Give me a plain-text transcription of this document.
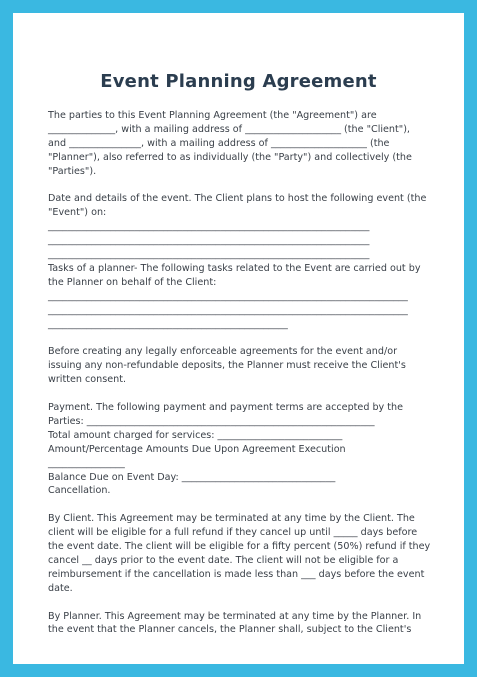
Event Planning Agreement

The parties to this Event Planning Agreement (the "Agreement") are

______________, with a mailing address of ____________________ (the "Client"),

and _______________, with a mailing address of ____________________ (the

"Planner"), also referred to as individually (the "Party") and collectively (the

"Parties").

Date and details of the event. The Client plans to host the following event (the

"Event") on:

___________________________________________________________________

___________________________________________________________________

___________________________________________________________________

Tasks of a planner- The following tasks related to the Event are carried out by

the Planner on behalf of the Client:

___________________________________________________________________________

___________________________________________________________________________

__________________________________________________

Before creating any legally enforceable agreements for the event and/or

issuing any non-refundable deposits, the Planner must receive the Client's

written consent.

Payment. The following payment and payment terms are accepted by the

Parties: ____________________________________________________________

Total amount charged for services: __________________________

Amount/Percentage Amounts Due Upon Agreement Execution

________________

Balance Due on Event Day: ________________________________

Cancellation.

By Client. This Agreement may be terminated at any time by the Client. The

client will be eligible for a full refund if they cancel up until _____ days before

the event date. The client will be eligible for a fifty percent (50%) refund if they

cancel __ days prior to the event date. The client will not be eligible for a

reimbursement if the cancellation is made less than ___ days before the event

date.

By Planner. This Agreement may be terminated at any time by the Planner. In

the event that the Planner cancels, the Planner shall, subject to the Client's
